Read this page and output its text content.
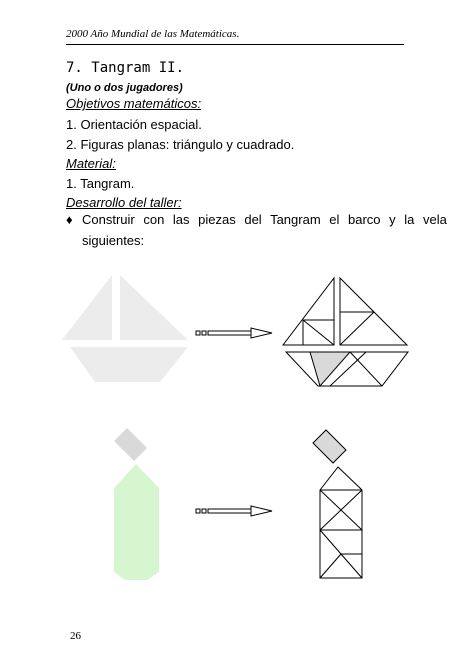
2000 Año Mundial de las Matemáticas.
7. Tangram II.
(Uno o dos jugadores)
Objetivos matemáticos:
1. Orientación espacial.
2. Figuras planas: triángulo y cuadrado.
Material:
1. Tangram.
Desarrollo del taller:
♦ Construir con las piezas del Tangram el barco y la vela
siguientes:
26
